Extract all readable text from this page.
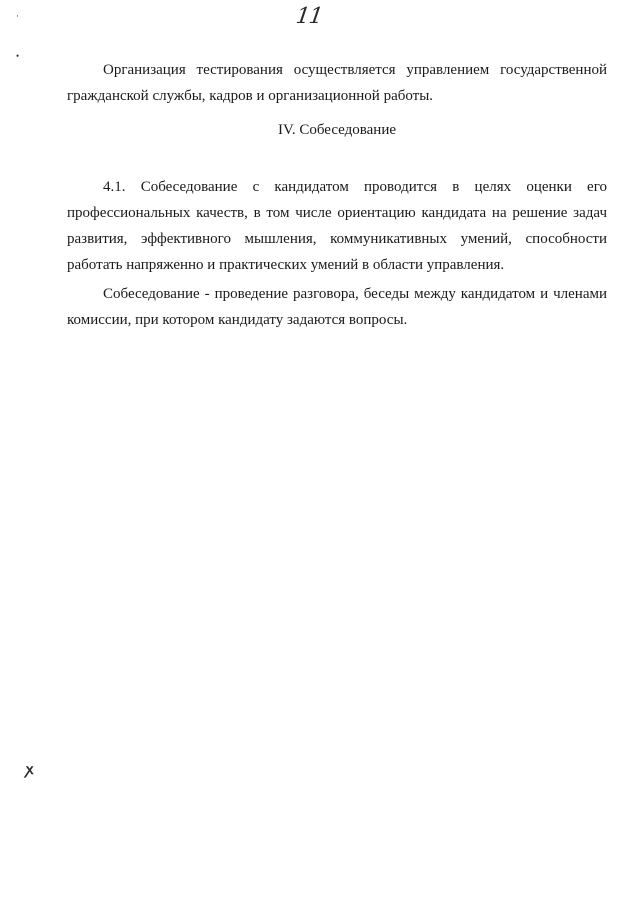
11
·
•
ꭗ

Организация тестирования осуществляется управлением государственной гражданской службы, кадров и организационной работы.

IV. Собеседование

4.1. Собеседование с кандидатом проводится в целях оценки его профессиональных качеств, в том числе ориентацию кандидата на решение задач развития, эффективного мышления, коммуникативных умений, способности работать напряженно и практических умений в области управления.

Собеседование - проведение разговора, беседы между кандидатом и членами комиссии, при котором кандидату задаются вопросы.
